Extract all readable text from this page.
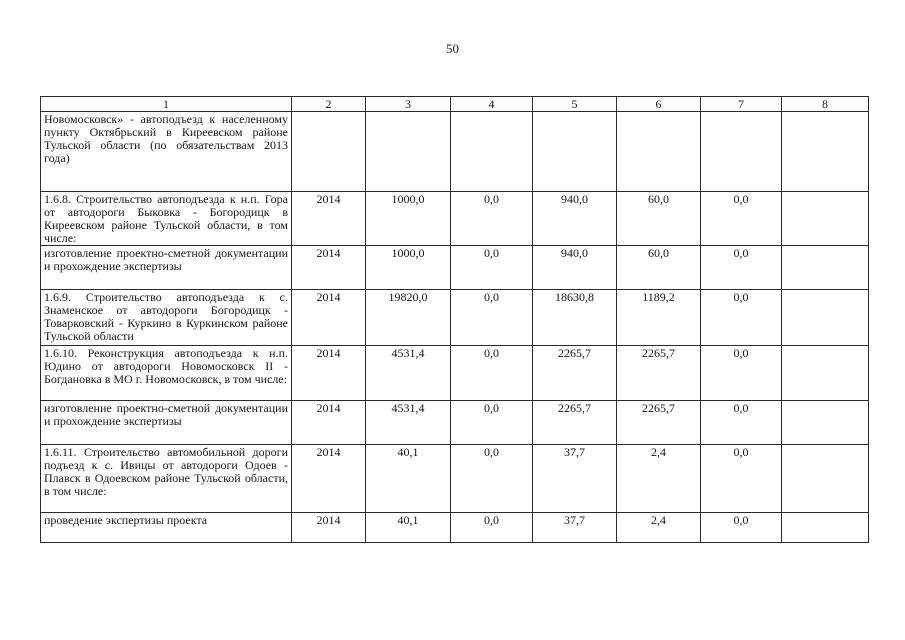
50
1	2	3	4	5	6	7	8
Новомосковск» - автоподъезд к населенному пункту Октябрьский в Киреевском районе Тульской области (по обязательствам 2013 года)							
1.6.8. Строительство автоподъезда к н.п. Гора от автодороги Быковка - Богородицк в Киреевском районе Тульской области, в том числе:	2014	1000,0	0,0	940,0	60,0	0,0	
изготовление проектно-сметной документации и прохождение экспертизы	2014	1000,0	0,0	940,0	60,0	0,0	
1.6.9. Строительство автоподъезда к с. Знаменское от автодороги Богородицк - Товарковский - Куркино в Куркинском районе Тульской области	2014	19820,0	0,0	18630,8	1189,2	0,0	
1.6.10. Реконструкция автоподъезда к н.п. Юдино от автодороги Новомосковск II - Богдановка в МО г. Новомосковск, в том числе:	2014	4531,4	0,0	2265,7	2265,7	0,0	
изготовление проектно-сметной документации и прохождение экспертизы	2014	4531,4	0,0	2265,7	2265,7	0,0	
1.6.11. Строительство автомобильной дороги подъезд к с. Ивицы от автодороги Одоев - Плавск в Одоевском районе Тульской области, в том числе:	2014	40,1	0,0	37,7	2,4	0,0	
проведение экспертизы проекта	2014	40,1	0,0	37,7	2,4	0,0	
